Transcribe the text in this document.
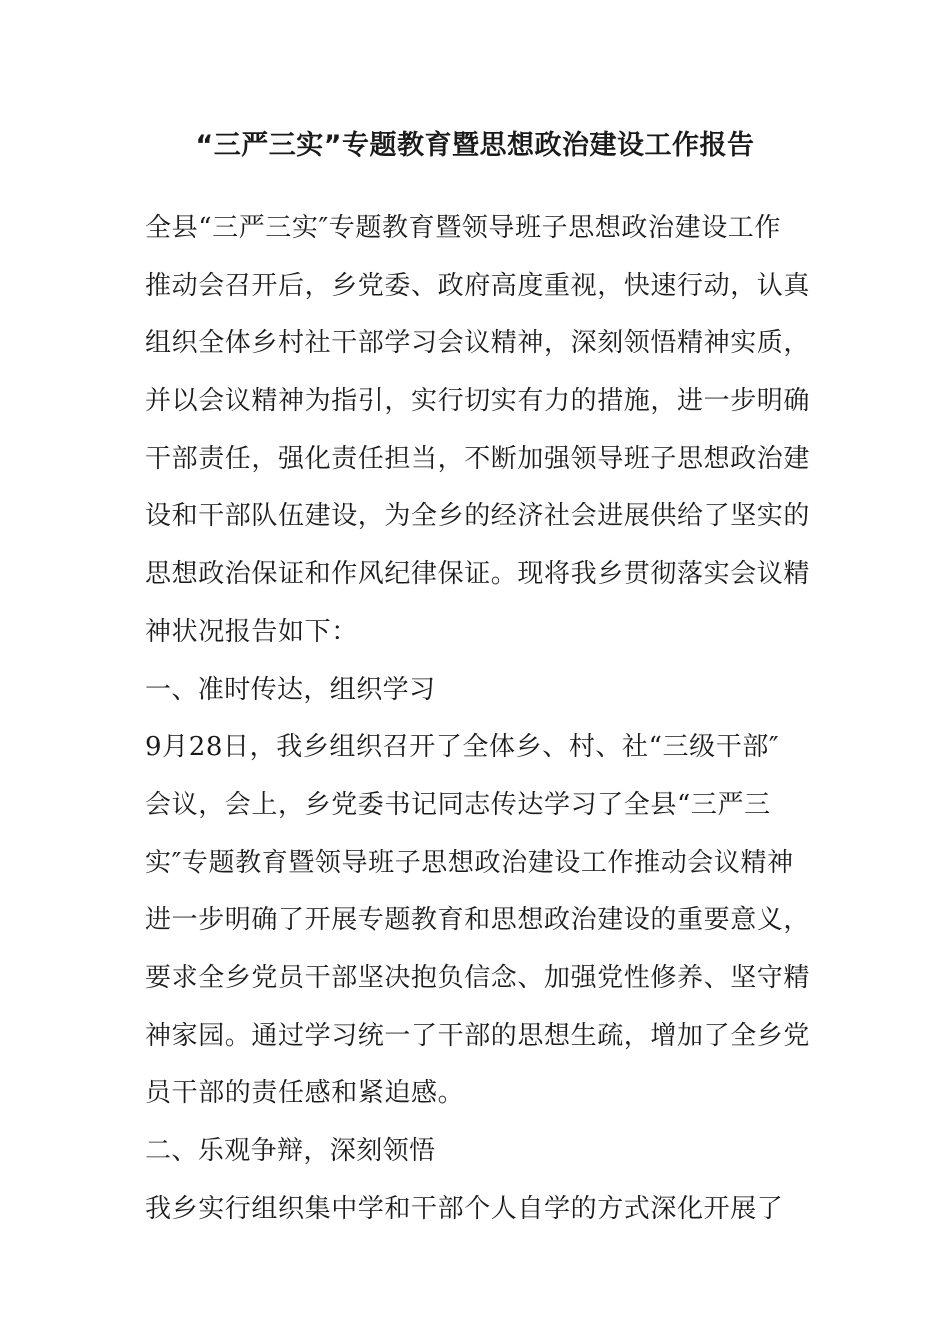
“三严三实”专题教育暨思想政治建设工作报告
全县“三严三实″专题教育暨领导班子思想政治建设工作
推动会召开后，乡党委、政府高度重视，快速行动，认真
组织全体乡村社干部学习会议精神，深刻领悟精神实质，
并以会议精神为指引，实行切实有力的措施，进一步明确
干部责任，强化责任担当，不断加强领导班子思想政治建
设和干部队伍建设，为全乡的经济社会进展供给了坚实的
思想政治保证和作风纪律保证。现将我乡贯彻落实会议精
神状况报告如下：
一、准时传达，组织学习
9月28日，我乡组织召开了全体乡、村、社“三级干部″
会议，会上，乡党委书记同志传达学习了全县“三严三
实″专题教育暨领导班子思想政治建设工作推动会议精神
进一步明确了开展专题教育和思想政治建设的重要意义，
要求全乡党员干部坚决抱负信念、加强党性修养、坚守精
神家园。通过学习统一了干部的思想生疏，增加了全乡党
员干部的责任感和紧迫感。
二、乐观争辩，深刻领悟
我乡实行组织集中学和干部个人自学的方式深化开展了
